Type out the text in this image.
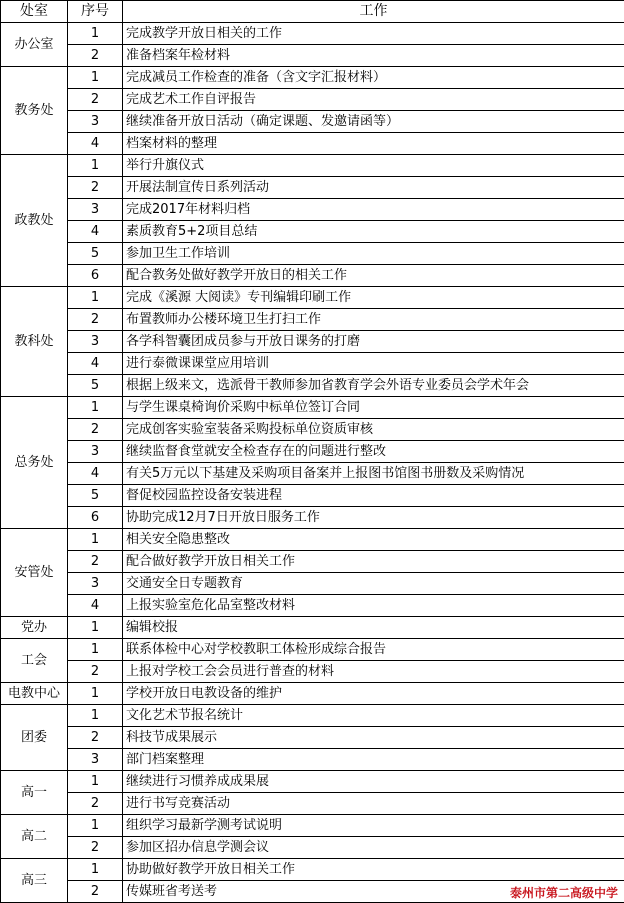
处室	序号	工作
办公室	1	完成教学开放日相关的工作
	2	准备档案年检材料
教务处	1	完成减员工作检查的准备（含文字汇报材料）
	2	完成艺术工作自评报告
	3	继续准备开放日活动（确定课题、发邀请函等）
	4	档案材料的整理
政教处	1	举行升旗仪式
	2	开展法制宣传日系列活动
	3	完成2017年材料归档
	4	素质教育5+2项目总结
	5	参加卫生工作培训
	6	配合教务处做好教学开放日的相关工作
教科处	1	完成《溪源 大阅读》专刊编辑印刷工作
	2	布置教师办公楼环境卫生打扫工作
	3	各学科智囊团成员参与开放日课务的打磨
	4	进行泰微课课堂应用培训
	5	根据上级来文，选派骨干教师参加省教育学会外语专业委员会学术年会
总务处	1	与学生课桌椅询价采购中标单位签订合同
	2	完成创客实验室装备采购投标单位资质审核
	3	继续监督食堂就安全检查存在的问题进行整改
	4	有关5万元以下基建及采购项目备案并上报图书馆图书册数及采购情况
	5	督促校园监控设备安装进程
	6	协助完成12月7日开放日服务工作
安管处	1	相关安全隐患整改
	2	配合做好教学开放日相关工作
	3	交通安全日专题教育
	4	上报实验室危化品室整改材料
党办	1	编辑校报
工会	1	联系体检中心对学校教职工体检形成综合报告
	2	上报对学校工会会员进行普查的材料
电教中心	1	学校开放日电教设备的维护
团委	1	文化艺术节报名统计
	2	科技节成果展示
	3	部门档案整理
高一	1	继续进行习惯养成成果展
	2	进行书写竞赛活动
高二	1	组织学习最新学测考试说明
	2	参加区招办信息学测会议
高三	1	协助做好教学开放日相关工作
	2	传媒班省考送考	泰州市第二高级中学
